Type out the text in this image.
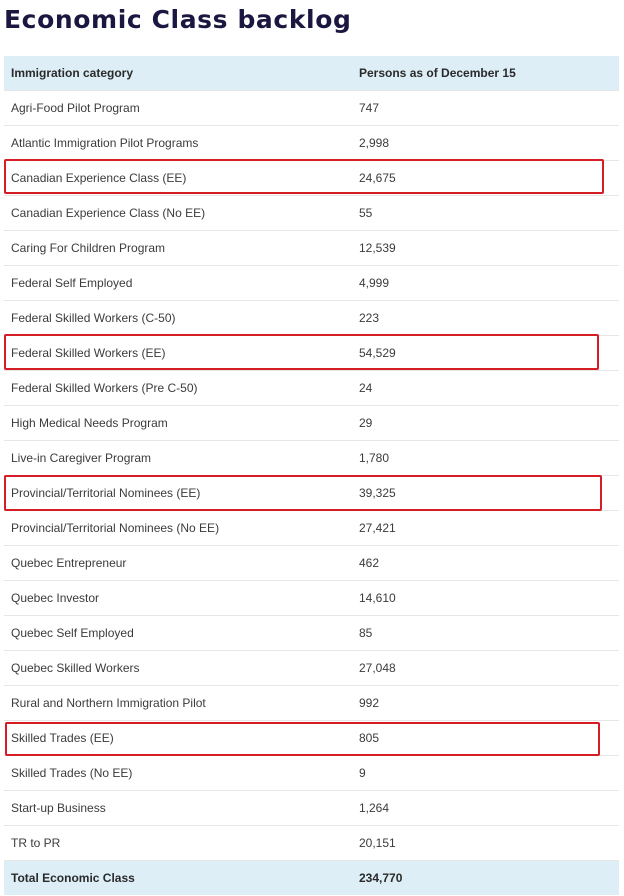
Economic Class backlog
Immigration category	Persons as of December 15
Agri-Food Pilot Program	747
Atlantic Immigration Pilot Programs	2,998
Canadian Experience Class (EE)	24,675
Canadian Experience Class (No EE)	55
Caring For Children Program	12,539
Federal Self Employed	4,999
Federal Skilled Workers (C-50)	223
Federal Skilled Workers (EE)	54,529
Federal Skilled Workers (Pre C-50)	24
High Medical Needs Program	29
Live-in Caregiver Program	1,780
Provincial/Territorial Nominees (EE)	39,325
Provincial/Territorial Nominees (No EE)	27,421
Quebec Entrepreneur	462
Quebec Investor	14,610
Quebec Self Employed	85
Quebec Skilled Workers	27,048
Rural and Northern Immigration Pilot	992
Skilled Trades (EE)	805
Skilled Trades (No EE)	9
Start-up Business	1,264
TR to PR	20,151
Total Economic Class	234,770
